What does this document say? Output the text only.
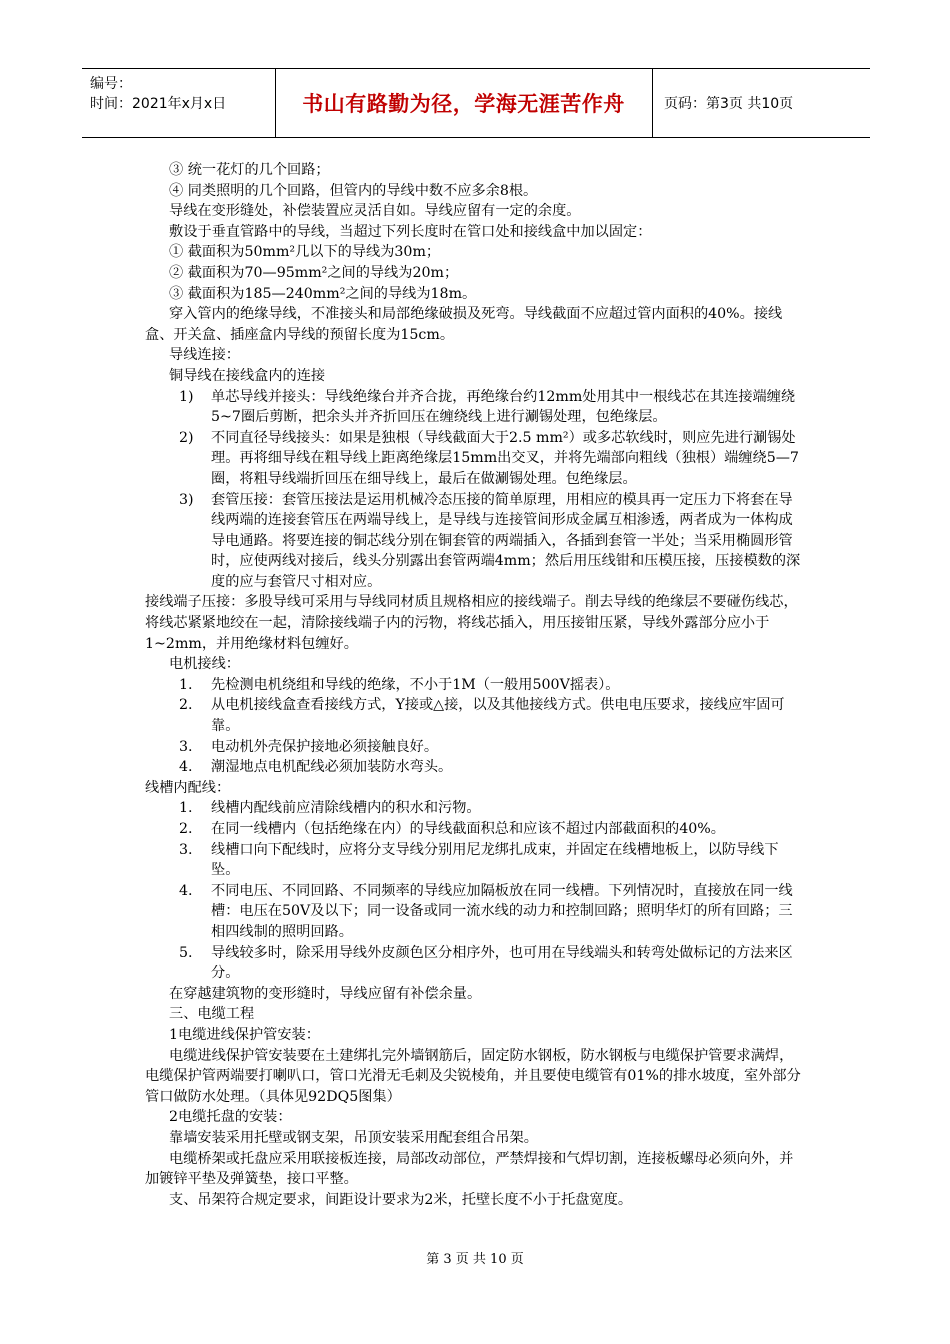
编号：
时间：2021年x月x日	书山有路勤为径，学海无涯苦作舟	页码：第3页 共10页

③ 统一花灯的几个回路；

④ 同类照明的几个回路，但管内的导线中数不应多余8根。

导线在变形缝处，补偿装置应灵活自如。导线应留有一定的余度。

敷设于垂直管路中的导线，当超过下列长度时在管口处和接线盒中加以固定：

① 截面积为50mm²几以下的导线为30m；

② 截面积为70—95mm²之间的导线为20m；

③ 截面积为185—240mm²之间的导线为18m。

穿入管内的绝缘导线，不准接头和局部绝缘破损及死弯。导线截面不应超过管内面积的40%。接线盒、开关盒、插座盒内导线的预留长度为15cm。

导线连接：

铜导线在接线盒内的连接

1) 单芯导线并接头：导线绝缘台并齐合拢，再绝缘台约12mm处用其中一根线芯在其连接端缠绕5~7圈后剪断，把余头并齐折回压在缠绕线上进行涮锡处理，包绝缘层。

2) 不同直径导线接头：如果是独根（导线截面大于2.5 mm²）或多芯软线时，则应先进行涮锡处理。再将细导线在粗导线上距离绝缘层15mm出交叉，并将先端部向粗线（独根）端缠绕5—7圈，将粗导线端折回压在细导线上，最后在做涮锡处理。包绝缘层。

3) 套管压接：套管压接法是运用机械冷态压接的简单原理，用相应的模具再一定压力下将套在导线两端的连接套管压在两端导线上，是导线与连接管间形成金属互相渗透，两者成为一体构成导电通路。将要连接的铜芯线分别在铜套管的两端插入，各插到套管一半处；当采用椭圆形管时，应使两线对接后，线头分别露出套管两端4mm；然后用压线钳和压模压接，压接模数的深度的应与套管尺寸相对应。

接线端子压接：多股导线可采用与导线同材质且规格相应的接线端子。削去导线的绝缘层不要碰伤线芯，将线芯紧紧地绞在一起，清除接线端子内的污物，将线芯插入，用压接钳压紧，导线外露部分应小于1~2mm，并用绝缘材料包缠好。

电机接线：

1. 先检测电机绕组和导线的绝缘，不小于1M（一般用500V摇表）。

2. 从电机接线盒查看接线方式，Y接或△接，以及其他接线方式。供电电压要求，接线应牢固可靠。

3. 电动机外壳保护接地必须接触良好。

4. 潮湿地点电机配线必须加装防水弯头。

线槽内配线：

1. 线槽内配线前应清除线槽内的积水和污物。

2. 在同一线槽内（包括绝缘在内）的导线截面积总和应该不超过内部截面积的40%。

3. 线槽口向下配线时，应将分支导线分别用尼龙绑扎成束，并固定在线槽地板上，以防导线下坠。

4. 不同电压、不同回路、不同频率的导线应加隔板放在同一线槽。下列情况时，直接放在同一线槽：电压在50V及以下；同一设备或同一流水线的动力和控制回路；照明华灯的所有回路；三相四线制的照明回路。

5. 导线较多时，除采用导线外皮颜色区分相序外，也可用在导线端头和转弯处做标记的方法来区分。

在穿越建筑物的变形缝时，导线应留有补偿余量。

三、电缆工程

1电缆进线保护管安装：

电缆进线保护管安装要在土建绑扎完外墙钢筋后，固定防水钢板，防水钢板与电缆保护管要求满焊，电缆保护管两端要打喇叭口，管口光滑无毛刺及尖锐棱角，并且要使电缆管有01%的排水坡度，室外部分管口做防水处理。（具体见92DQ5图集）

2电缆托盘的安装：

靠墙安装采用托壁或钢支架，吊顶安装采用配套组合吊架。

电缆桥架或托盘应采用联接板连接，局部改动部位，严禁焊接和气焊切割，连接板螺母必须向外，并加镀锌平垫及弹簧垫，接口平整。

支、吊架符合规定要求，间距设计要求为2米，托壁长度不小于托盘宽度。

第 3 页 共 10 页
